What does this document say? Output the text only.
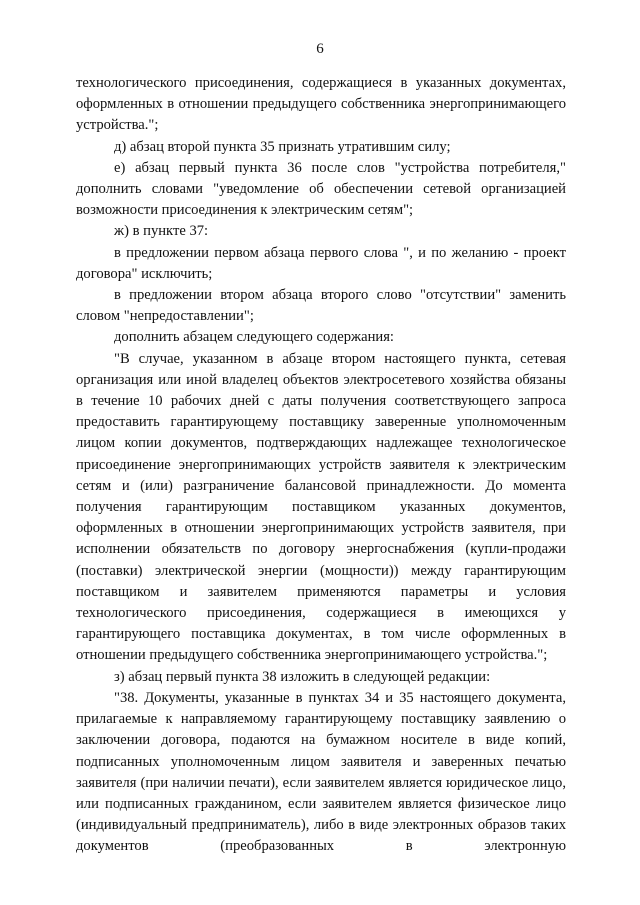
6

технологического присоединения, содержащиеся в указанных документах, оформленных в отношении предыдущего собственника энергопринимающего устройства.";

д) абзац второй пункта 35 признать утратившим силу;

е) абзац первый пункта 36 после слов "устройства потребителя," дополнить словами "уведомление об обеспечении сетевой организацией возможности присоединения к электрическим сетям";

ж) в пункте 37:

в предложении первом абзаца первого слова ", и по желанию - проект договора" исключить;

в предложении втором абзаца второго слово "отсутствии" заменить словом "непредоставлении";

дополнить абзацем следующего содержания:

"В случае, указанном в абзаце втором настоящего пункта, сетевая организация или иной владелец объектов электросетевого хозяйства обязаны в течение 10 рабочих дней с даты получения соответствующего запроса предоставить гарантирующему поставщику заверенные уполномоченным лицом копии документов, подтверждающих надлежащее технологическое присоединение энергопринимающих устройств заявителя к электрическим сетям и (или) разграничение балансовой принадлежности. До момента получения гарантирующим поставщиком указанных документов, оформленных в отношении энергопринимающих устройств заявителя, при исполнении обязательств по договору энергоснабжения (купли-продажи (поставки) электрической энергии (мощности)) между гарантирующим поставщиком и заявителем применяются параметры и условия технологического присоединения, содержащиеся в имеющихся у гарантирующего поставщика документах, в том числе оформленных в отношении предыдущего собственника энергопринимающего устройства.";

з) абзац первый пункта 38 изложить в следующей редакции:

"38. Документы, указанные в пунктах 34 и 35 настоящего документа, прилагаемые к направляемому гарантирующему поставщику заявлению о заключении договора, подаются на бумажном носителе в виде копий, подписанных уполномоченным лицом заявителя и заверенных печатью заявителя (при наличии печати), если заявителем является юридическое лицо, или подписанных гражданином, если заявителем является физическое лицо (индивидуальный предприниматель), либо в виде электронных образов таких документов (преобразованных в электронную
